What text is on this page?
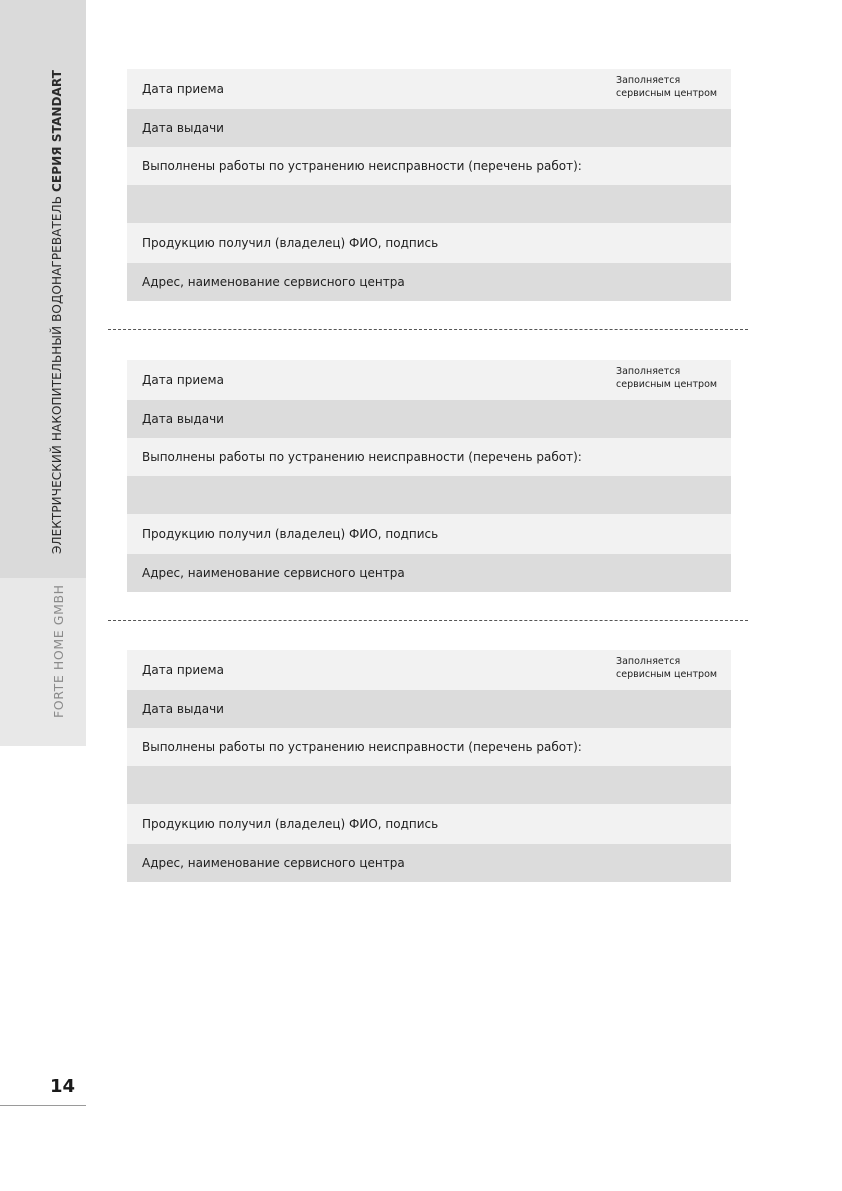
ЭЛЕКТРИЧЕСКИЙ НАКОПИТЕЛЬНЫЙ ВОДОНАГРЕВАТЕЛЬ СЕРИЯ STANDART
FORTE HOME GMBH
14
Дата приема
Заполняется
сервисным центром
Дата выдачи
Выполнены работы по устранению неисправности (перечень работ):
Продукцию получил (владелец) ФИО, подпись
Адрес, наименование сервисного центра
Дата приема
Заполняется
сервисным центром
Дата выдачи
Выполнены работы по устранению неисправности (перечень работ):
Продукцию получил (владелец) ФИО, подпись
Адрес, наименование сервисного центра
Дата приема
Заполняется
сервисным центром
Дата выдачи
Выполнены работы по устранению неисправности (перечень работ):
Продукцию получил (владелец) ФИО, подпись
Адрес, наименование сервисного центра
